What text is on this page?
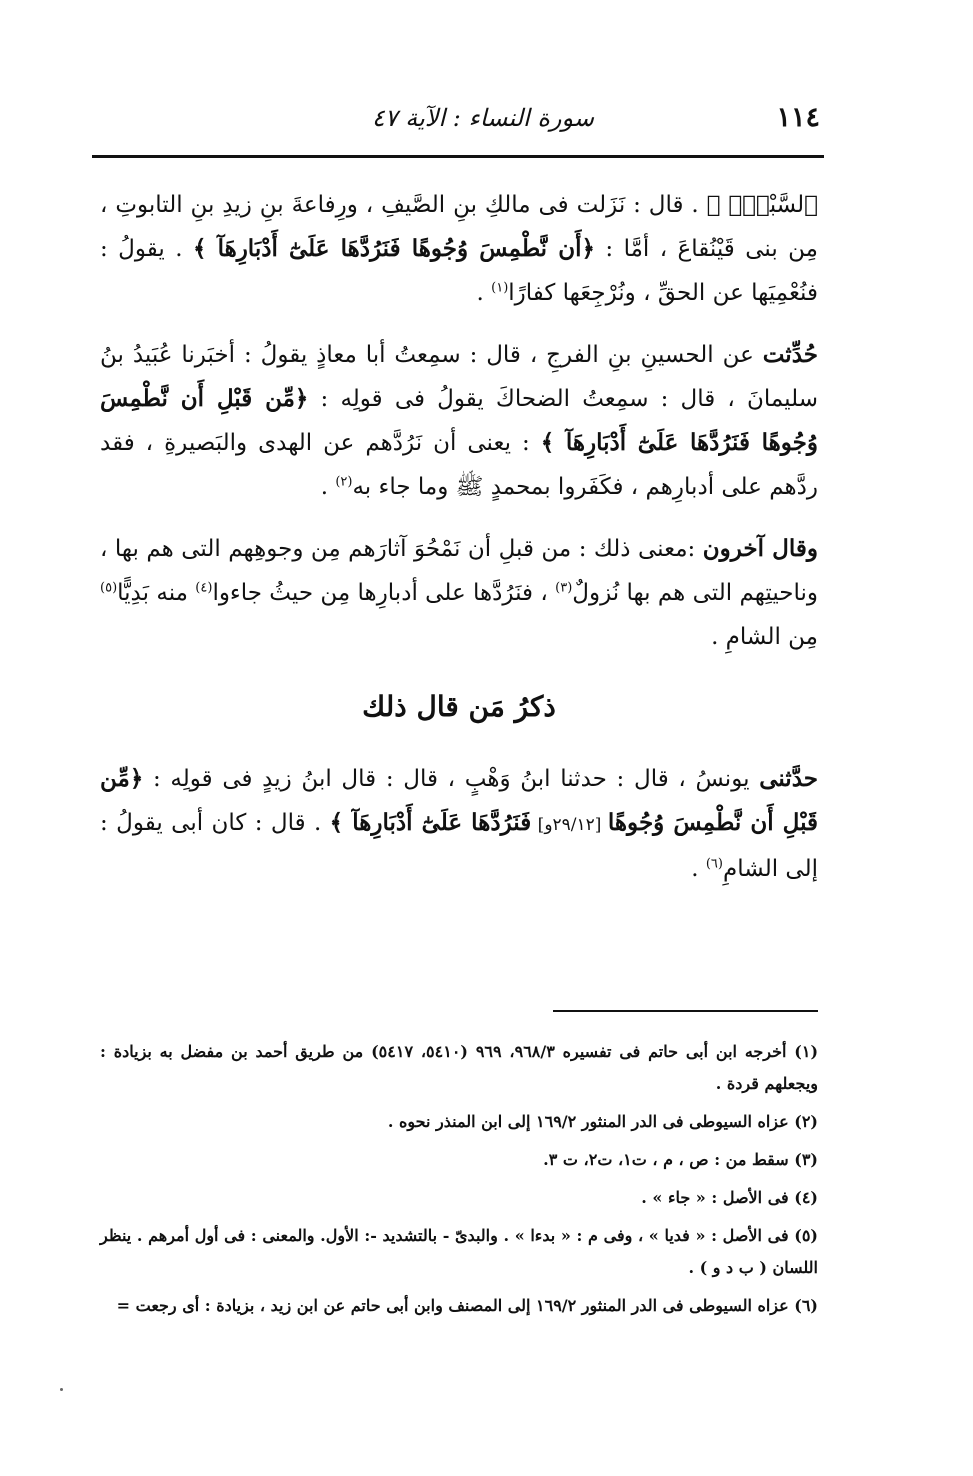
١١٤
سورة النساء : الآية ٤٧

ٱلسَّبْتِۚ ﴾ . قال : نَزَلت فى مالكِ بنِ الصَّيفِ ، ورِفاعةَ بنِ زيدِ بنِ التابوتِ ، مِن بنى قَيْنُقاعَ ، أمَّا : ﴿أَن نَّطْمِسَ وُجُوهًا فَنَرُدَّهَا عَلَىٰٓ أَدْبَارِهَآ ﴾ . يقولُ : فنُعْمِيَها عن الحقِّ ، ونُرْجِعَها كفارًا$^{(١)}$ .

حُدِّثت عن الحسينِ بنِ الفرجِ ، قال : سمِعتُ أبا معاذٍ يقولُ : أخبَرنا عُبَيدُ بنُ سليمانَ ، قال : سمِعتُ الضحاكَ يقولُ فى قولِه : ﴿مِّن قَبْلِ أَن نَّطْمِسَ وُجُوهًا فَنَرُدَّهَا عَلَىٰٓ أَدْبَارِهَآ ﴾ : يعنى أن نَرُدَّهم عن الهدى والبَصيرةِ ، فقد ردَّهم على أدبارِهم ، فكَفَروا بمحمدٍ ﷺ وما جاء به$^{(٢)}$ .

وقال آخرون :معنى ذلك : من قبلِ أن نَمْحُوَ آثارَهم مِن وجوهِهم التى هم بها ، وناحيتِهم التى هم بها نُزولٌ$^{(٣)}$ ، فنَرُدَّها على أدبارِها مِن حيثُ جاءوا$^{(٤)}$ منه بَدِيًّا$^{(٥)}$ مِن الشامِ .

ذكرُ مَن قال ذلك

حدَّثنى يونسُ ، قال : حدثنا ابنُ وَهْبٍ ، قال : قال ابنُ زيدٍ فى قولِه : ﴿مِّن قَبْلِ أَن نَّطْمِسَ وُجُوهًا [٢٩/١٢و] فَنَرُدَّهَا عَلَىٰٓ أَدْبَارِهَآ ﴾ . قال : كان أبى يقولُ : إلى الشامِ$^{(٦)}$ .

(١) أخرجه ابن أبى حاتم فى تفسيره ٩٦٨/٣، ٩٦٩ (٥٤١٠، ٥٤١٧) من طريق أحمد بن مفضل به بزيادة : ويجعلهم قردة .

(٢) عزاه السيوطى فى الدر المنثور ١٦٩/٢ إلى ابن المنذر نحوه .

(٣) سقط من : ص ، م ، ت١، ت٢، ت ٣.

(٤) فى الأصل : « جاء » .

(٥) فى الأصل : « فديا » ، وفى م : « بدءا » . والبدىّ - بالتشديد -: الأول. والمعنى : فى أول أمرهم . ينظر اللسان ( ب د و ) .

(٦) عزاه السيوطى فى الدر المنثور ١٦٩/٢ إلى المصنف وابن أبى حاتم عن ابن زيد ، بزيادة : أى رجعت =
